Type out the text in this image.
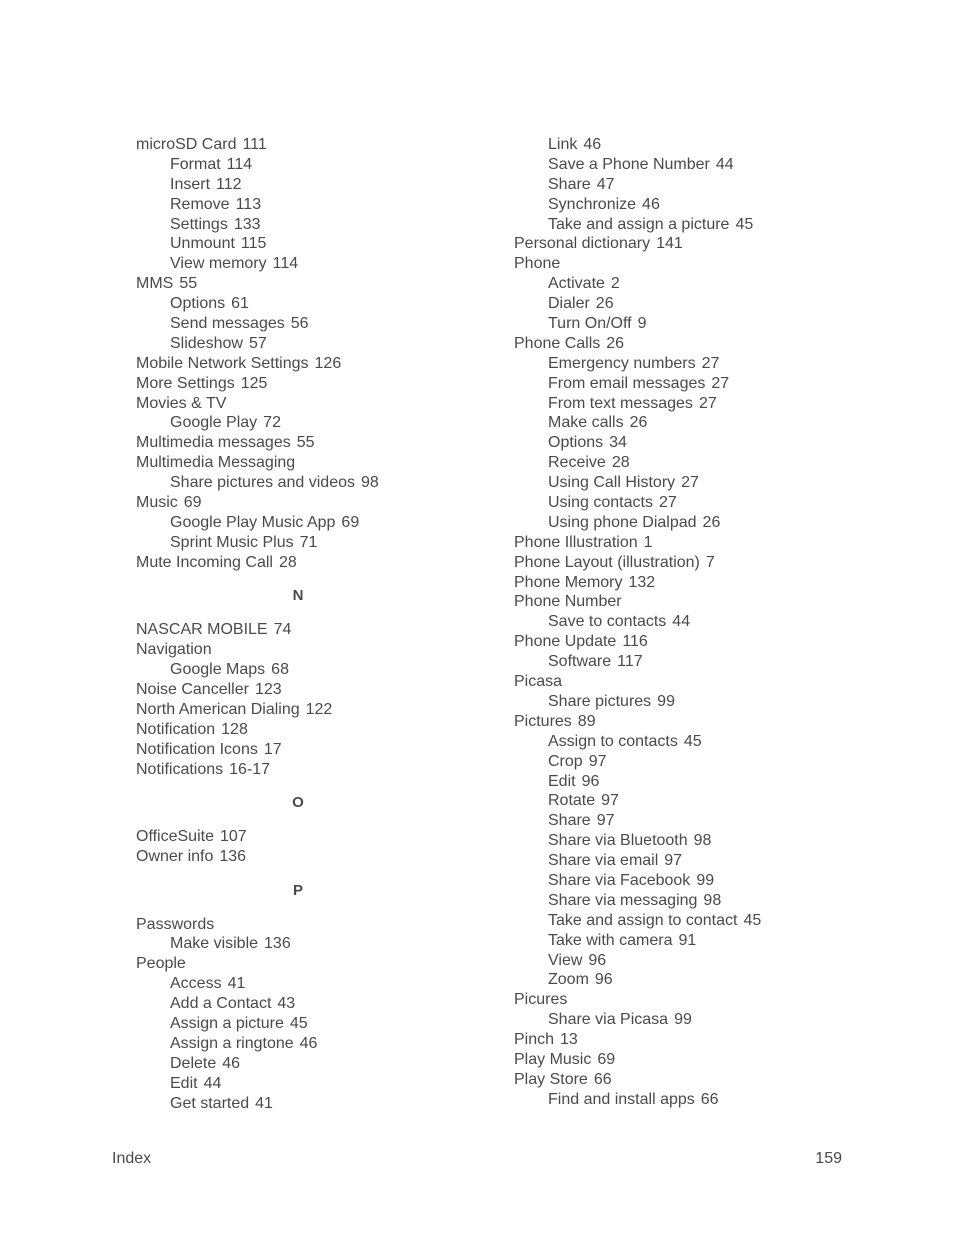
microSD Card 111
Format 114
Insert 112
Remove 113
Settings 133
Unmount 115
View memory 114
MMS 55
Options 61
Send messages 56
Slideshow 57
Mobile Network Settings 126
More Settings 125
Movies & TV
Google Play 72
Multimedia messages 55
Multimedia Messaging
Share pictures and videos 98
Music 69
Google Play Music App 69
Sprint Music Plus 71
Mute Incoming Call 28
N
NASCAR MOBILE 74
Navigation
Google Maps 68
Noise Canceller 123
North American Dialing 122
Notification 128
Notification Icons 17
Notifications 16-17
O
OfficeSuite 107
Owner info 136
P
Passwords
Make visible 136
People
Access 41
Add a Contact 43
Assign a picture 45
Assign a ringtone 46
Delete 46
Edit 44
Get started 41
Link 46
Save a Phone Number 44
Share 47
Synchronize 46
Take and assign a picture 45
Personal dictionary 141
Phone
Activate 2
Dialer 26
Turn On/Off 9
Phone Calls 26
Emergency numbers 27
From email messages 27
From text messages 27
Make calls 26
Options 34
Receive 28
Using Call History 27
Using contacts 27
Using phone Dialpad 26
Phone Illustration 1
Phone Layout (illustration) 7
Phone Memory 132
Phone Number
Save to contacts 44
Phone Update 116
Software 117
Picasa
Share pictures 99
Pictures 89
Assign to contacts 45
Crop 97
Edit 96
Rotate 97
Share 97
Share via Bluetooth 98
Share via email 97
Share via Facebook 99
Share via messaging 98
Take and assign to contact 45
Take with camera 91
View 96
Zoom 96
Picures
Share via Picasa 99
Pinch 13
Play Music 69
Play Store 66
Find and install apps 66
Index	159
